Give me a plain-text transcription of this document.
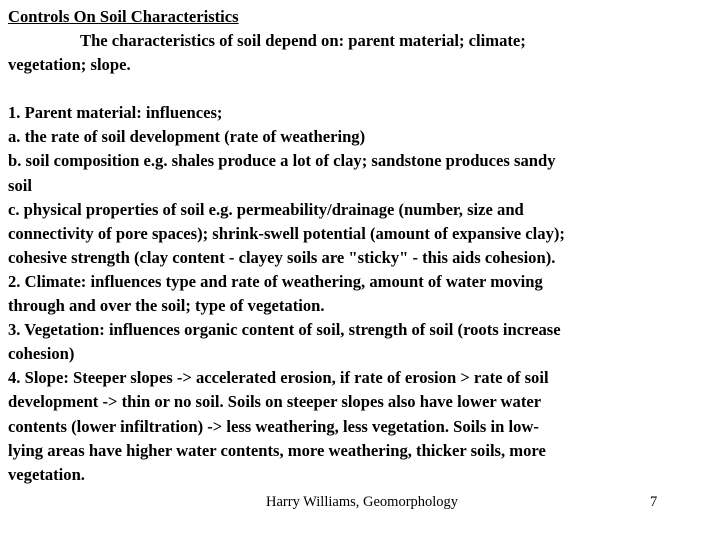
Controls On Soil Characteristics

The characteristics of soil depend on: parent material; climate;

vegetation; slope.

1. Parent material: influences;

a. the rate of soil development (rate of weathering)

b. soil composition e.g. shales produce a lot of clay; sandstone produces sandy

soil

c. physical properties of soil e.g. permeability/drainage (number, size and

connectivity of pore spaces); shrink-swell potential (amount of expansive clay);

cohesive strength (clay content - clayey soils are "sticky" - this aids cohesion).

2. Climate: influences type and rate of weathering, amount of water moving

through and over the soil; type of vegetation.

3. Vegetation: influences organic content of soil, strength of soil (roots increase

cohesion)

4. Slope: Steeper slopes -> accelerated erosion, if rate of erosion > rate of soil

development -> thin or no soil. Soils on steeper slopes also have lower water

contents (lower infiltration) -> less weathering, less vegetation. Soils in low-

lying areas have higher water contents, more weathering, thicker soils, more

vegetation.

Harry Williams, Geomorphology	7
